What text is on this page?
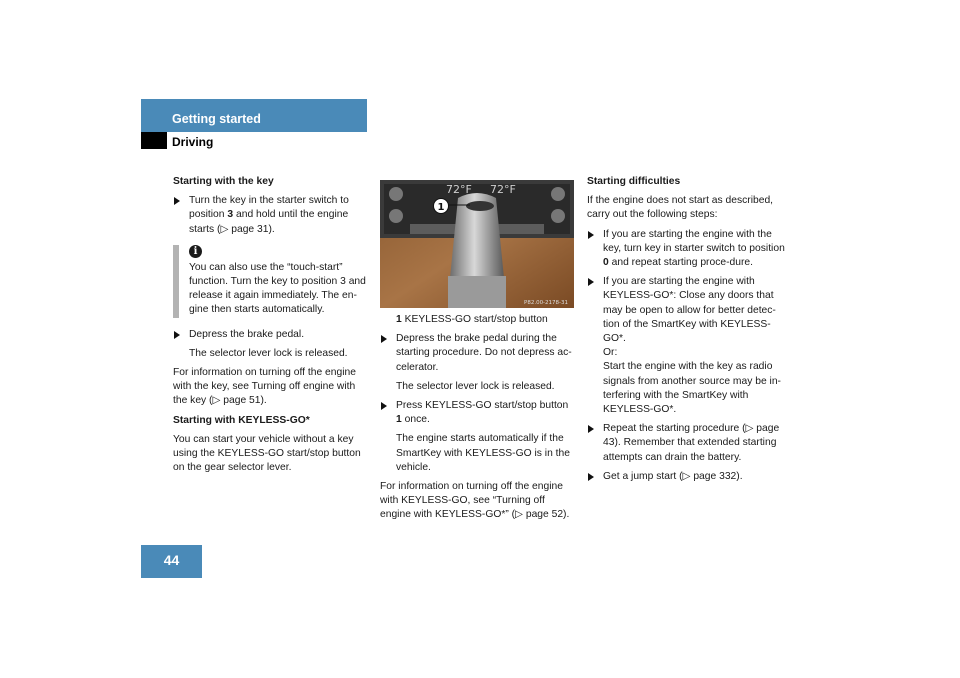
Getting started
Driving

Starting with the key

Turn the key in the starter switch to position 3 and hold until the engine starts (▷ page 31).
i
You can also use the “touch-start” function. Turn the key to position 3 and release it again immediately. The en-gine then starts automatically.
Depress the brake pedal.

The selector lever lock is released.

For information on turning off the engine with the key, see Turning off engine with the key (▷ page 51).

Starting with KEYLESS-GO*

You can start your vehicle without a key using the KEYLESS-GO start/stop button on the gear selector lever.

72°F 72°F
1
P82.00-2178-31

1 KEYLESS-GO start/stop button

Depress the brake pedal during the starting procedure. Do not depress ac-celerator.

The selector lever lock is released.

Press KEYLESS-GO start/stop button 1 once.

The engine starts automatically if the SmartKey with KEYLESS-GO is in the vehicle.

For information on turning off the engine with KEYLESS-GO, see “Turning off engine with KEYLESS-GO*” (▷ page 52).

Starting difficulties

If the engine does not start as described, carry out the following steps:

If you are starting the engine with the key, turn key in starter switch to position 0 and repeat starting proce-dure.
If you are starting the engine with KEYLESS-GO*: Close any doors that may be open to allow for better detec-tion of the SmartKey with KEYLESS-GO*.
Or:
Start the engine with the key as radio signals from another source may be in-terfering with the SmartKey with KEYLESS-GO*.
Repeat the starting procedure (▷ page 43). Remember that extended starting attempts can drain the battery.
Get a jump start (▷ page 332).
44
